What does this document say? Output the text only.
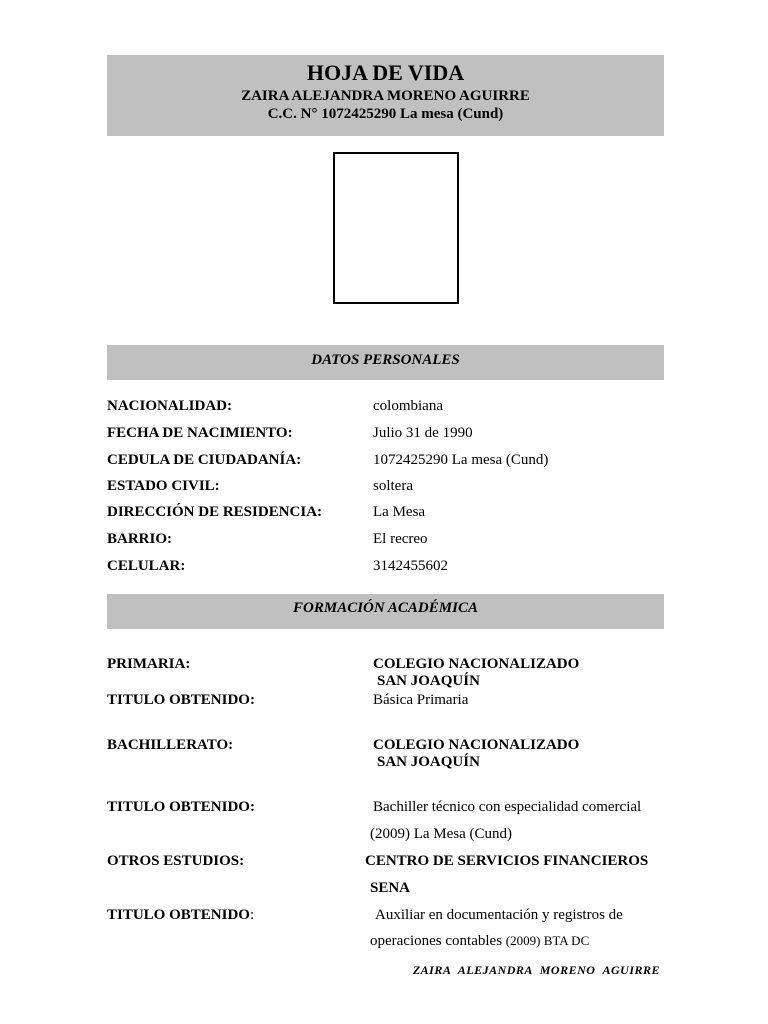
HOJA DE VIDA
ZAIRA ALEJANDRA MORENO AGUIRRE
C.C. N° 1072425290 La mesa (Cund)
DATOS PERSONALES
NACIONALIDAD:	colombiana
FECHA DE NACIMIENTO:	Julio 31 de 1990
CEDULA DE CIUDADANÍA:	1072425290 La mesa (Cund)
ESTADO CIVIL:	soltera
DIRECCIÓN DE RESIDENCIA:	La Mesa
BARRIO:	El recreo
CELULAR:	3142455602
FORMACIÓN ACADÉMICA
PRIMARIA:	COLEGIO NACIONALIZADO
SAN JOAQUÍN
TITULO OBTENIDO:	Básica Primaria
BACHILLERATO:	COLEGIO NACIONALIZADO
SAN JOAQUÍN
TITULO OBTENIDO:	Bachiller técnico con especialidad comercial
(2009) La Mesa (Cund)
OTROS ESTUDIOS:	CENTRO DE SERVICIOS FINANCIEROS
SENA
TITULO OBTENIDO:	Auxiliar en documentación y registros de
operaciones contables (2009) BTA DC
ZAIRA ALEJANDRA MORENO AGUIRRE
